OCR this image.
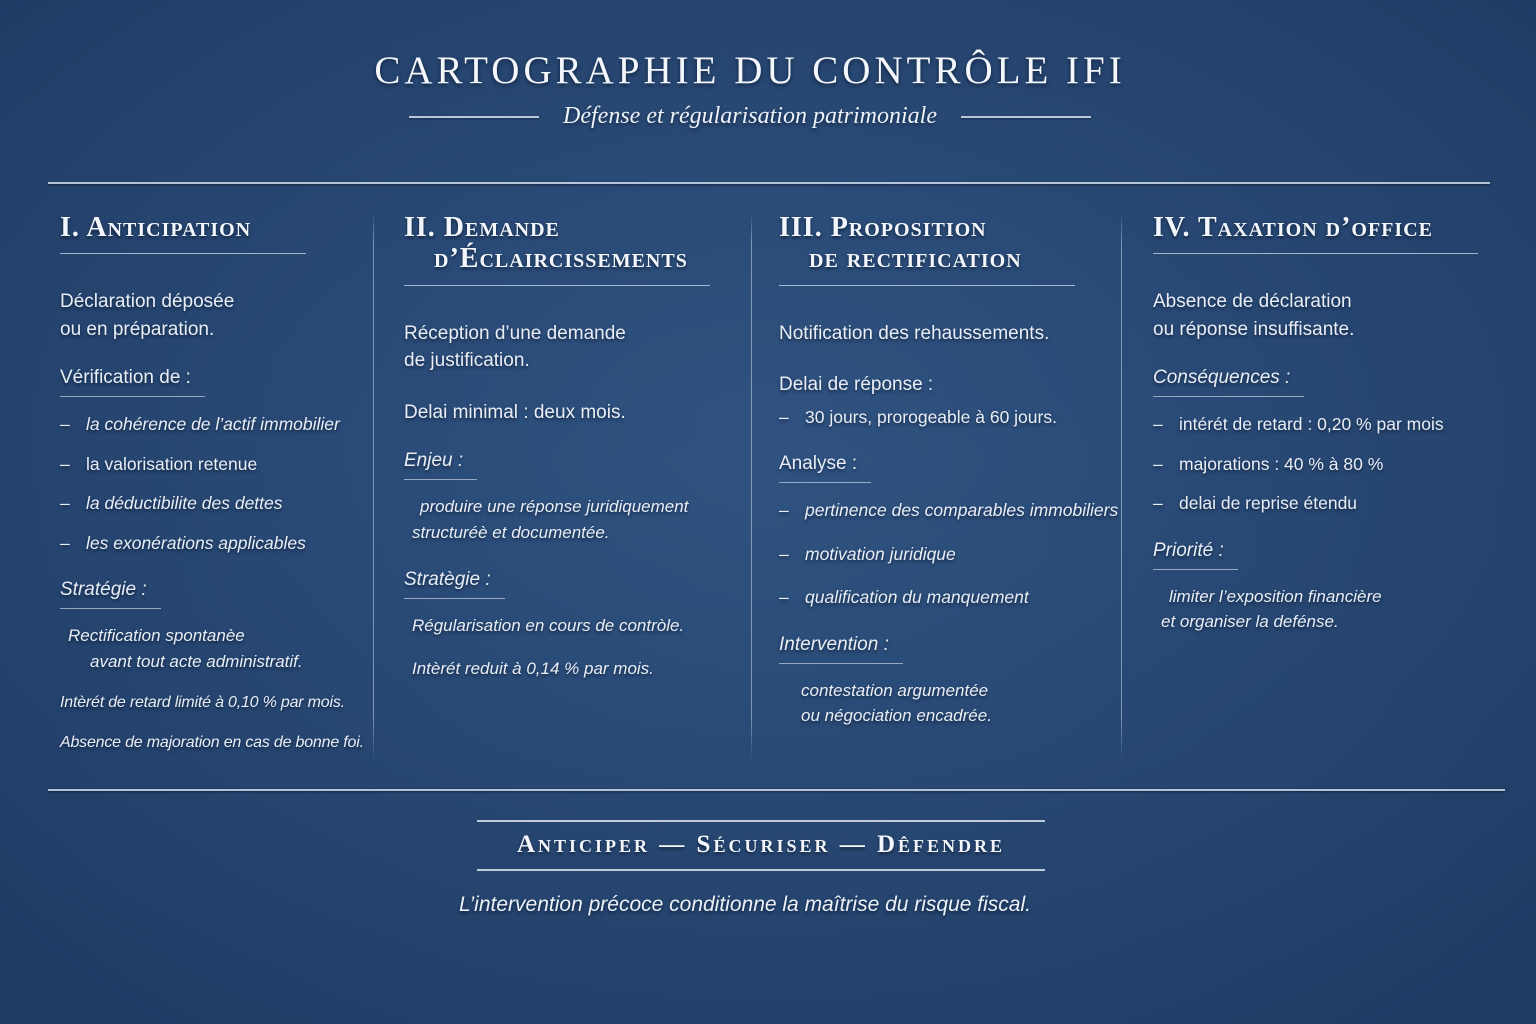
CARTOGRAPHIE DU CONTRÔLE IFI
Défense et régularisation patrimoniale
I. Anticipation

Déclaration déposée
ou en préparation.

Vérification de :
– la cohérence de l’actif immobilier
– la valorisation retenue
– la déductibilite des dettes
– les exonérations applicables
Stratégie :

Rectification spontanèe
avant tout acte administratif.

Intèrét de retard limité à 0,10 % par mois.

Absence de majoration en cas de bonne foi.

II. Demande
d’Éclaircissements

Réception d’une demande
de justification.

Delai minimal : deux mois.

Enjeu :

produire une réponse juridiquement
structuréè et documentée.

Stratègie :

Régularisation en cours de contròle.

Intèrét reduit à 0,14 % par mois.

III. Proposition
de rectification

Notification des rehaussements.

Delai de réponse :

– 30 jours, prorogeable à 60 jours.
Analyse :
– pertinence des comparables immobiliers
– motivation juridique
– qualification du manquement
Intervention :

contestation argumentée
ou négociation encadrée.

IV. Taxation d’office

Absence de déclaration
ou réponse insuffisante.

Conséquences :
– intérét de retard : 0,20 % par mois
– majorations : 40 % à 80 %
– delai de reprise étendu
Priorité :

limiter l’exposition financière
et organiser la defénse.

Anticiper — Sécuriser — Dêfendre

L’intervention précoce conditionne la maîtrise du risque fiscal.
